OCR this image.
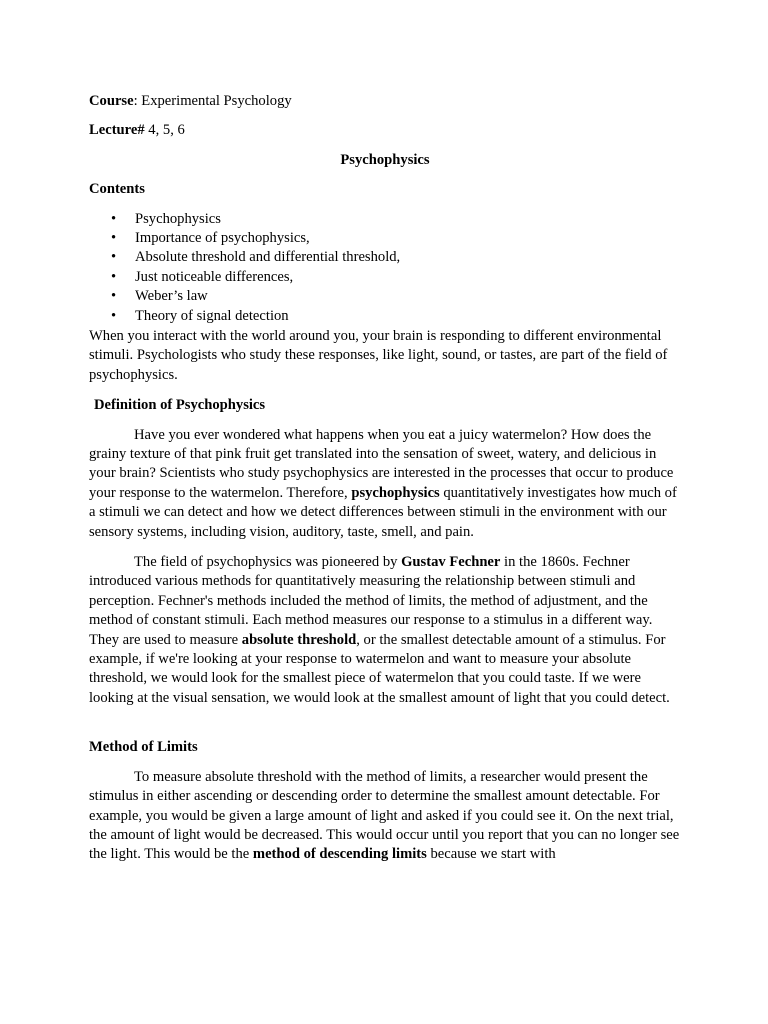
Course: Experimental Psychology

Lecture# 4, 5, 6

Psychophysics

Contents

• Psychophysics
• Importance of psychophysics,
• Absolute threshold and differential threshold,
• Just noticeable differences,
• Weber’s law
• Theory of signal detection

When you interact with the world around you, your brain is responding to different environmental stimuli. Psychologists who study these responses, like light, sound, or tastes, are part of the field of psychophysics.

Definition of Psychophysics

Have you ever wondered what happens when you eat a juicy watermelon? How does the grainy texture of that pink fruit get translated into the sensation of sweet, watery, and delicious in your brain? Scientists who study psychophysics are interested in the processes that occur to produce your response to the watermelon. Therefore, psychophysics quantitatively investigates how much of a stimuli we can detect and how we detect differences between stimuli in the environment with our sensory systems, including vision, auditory, taste, smell, and pain.

The field of psychophysics was pioneered by Gustav Fechner in the 1860s. Fechner introduced various methods for quantitatively measuring the relationship between stimuli and perception. Fechner's methods included the method of limits, the method of adjustment, and the method of constant stimuli. Each method measures our response to a stimulus in a different way. They are used to measure absolute threshold, or the smallest detectable amount of a stimulus. For example, if we're looking at your response to watermelon and want to measure your absolute threshold, we would look for the smallest piece of watermelon that you could taste. If we were looking at the visual sensation, we would look at the smallest amount of light that you could detect.

Method of Limits

To measure absolute threshold with the method of limits, a researcher would present the stimulus in either ascending or descending order to determine the smallest amount detectable. For example, you would be given a large amount of light and asked if you could see it. On the next trial, the amount of light would be decreased. This would occur until you report that you can no longer see the light. This would be the method of descending limits because we start with
